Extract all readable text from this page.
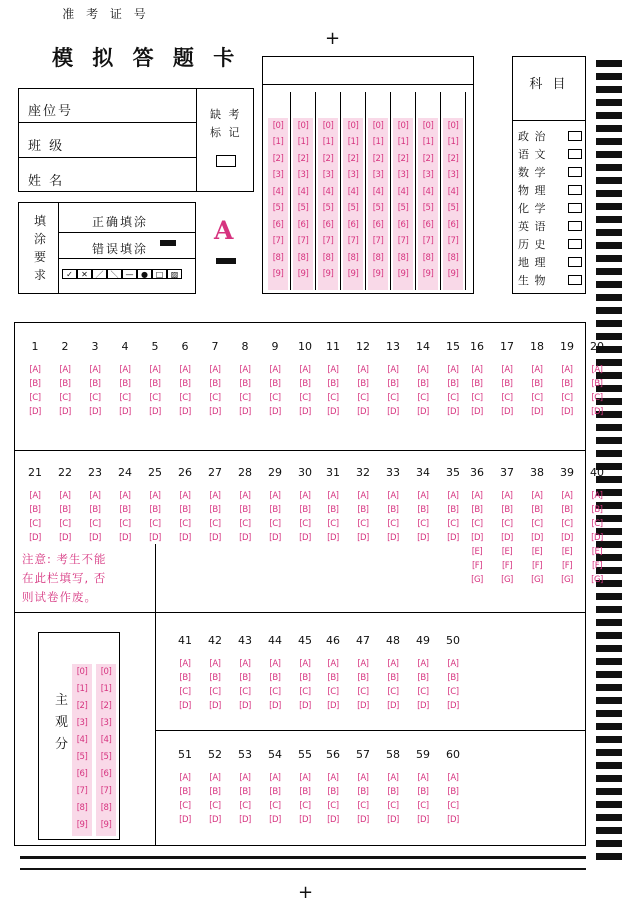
+
+
模 拟 答 题 卡
座位号
班 级
姓 名
缺 考
标 记
填
涂
要
求
正确填涂
错误填涂
✓ ✕ ／ ＼ — ● □ ▨
A
准 考 证 号
[0]
[1]
[2]
[3]
[4]
[5]
[6]
[7]
[8]
[9]
[0]
[1]
[2]
[3]
[4]
[5]
[6]
[7]
[8]
[9]
[0]
[1]
[2]
[3]
[4]
[5]
[6]
[7]
[8]
[9]
[0]
[1]
[2]
[3]
[4]
[5]
[6]
[7]
[8]
[9]
[0]
[1]
[2]
[3]
[4]
[5]
[6]
[7]
[8]
[9]
[0]
[1]
[2]
[3]
[4]
[5]
[6]
[7]
[8]
[9]
[0]
[1]
[2]
[3]
[4]
[5]
[6]
[7]
[8]
[9]
[0]
[1]
[2]
[3]
[4]
[5]
[6]
[7]
[8]
[9]
科 目
政 治
语 文
数 学
物 理
化 学
英 语
历 史
地 理
生 物
1 2 3 4 5
[A] [A] [A] [A] [A]
[B] [B] [B] [B] [B]
[C] [C] [C] [C] [C]
[D] [D] [D] [D] [D]
6 7 8 9 10
[A] [A] [A] [A] [A]
[B] [B] [B] [B] [B]
[C] [C] [C] [C] [C]
[D] [D] [D] [D] [D]
11 12 13 14 15
[A] [A] [A] [A] [A]
[B] [B] [B] [B] [B]
[C] [C] [C] [C] [C]
[D] [D] [D] [D] [D]
16 17 18 19 20
[A] [A] [A] [A] [A]
[B] [B] [B] [B] [B]
[C] [C] [C] [C] [C]
[D] [D] [D] [D] [D]
21 22 23 24 25
[A] [A] [A] [A] [A]
[B] [B] [B] [B] [B]
[C] [C] [C] [C] [C]
[D] [D] [D] [D] [D]
26 27 28 29 30
[A] [A] [A] [A] [A]
[B] [B] [B] [B] [B]
[C] [C] [C] [C] [C]
[D] [D] [D] [D] [D]
31 32 33 34 35
[A] [A] [A] [A] [A]
[B] [B] [B] [B] [B]
[C] [C] [C] [C] [C]
[D] [D] [D] [D] [D]
36 37 38 39 40
[A] [A] [A] [A] [A]
[B] [B] [B] [B] [B]
[C] [C] [C] [C] [C]
[D] [D] [D] [D] [D]
[E] [E] [E] [E] [E]
[F] [F] [F] [F] [F]
[G] [G] [G] [G] [G]
41 42 43 44 45
[A] [A] [A] [A] [A]
[B] [B] [B] [B] [B]
[C] [C] [C] [C] [C]
[D] [D] [D] [D] [D]
46 47 48 49 50
[A] [A] [A] [A] [A]
[B] [B] [B] [B] [B]
[C] [C] [C] [C] [C]
[D] [D] [D] [D] [D]
51 52 53 54 55
[A] [A] [A] [A] [A]
[B] [B] [B] [B] [B]
[C] [C] [C] [C] [C]
[D] [D] [D] [D] [D]
56 57 58 59 60
[A] [A] [A] [A] [A]
[B] [B] [B] [B] [B]
[C] [C] [C] [C] [C]
[D] [D] [D] [D] [D]
注意: 考生不能
在此栏填写, 否
则试卷作废。
主
观
分
[0]
[1]
[2]
[3]
[4]
[5]
[6]
[7]
[8]
[9]
[0]
[1]
[2]
[3]
[4]
[5]
[6]
[7]
[8]
[9]
